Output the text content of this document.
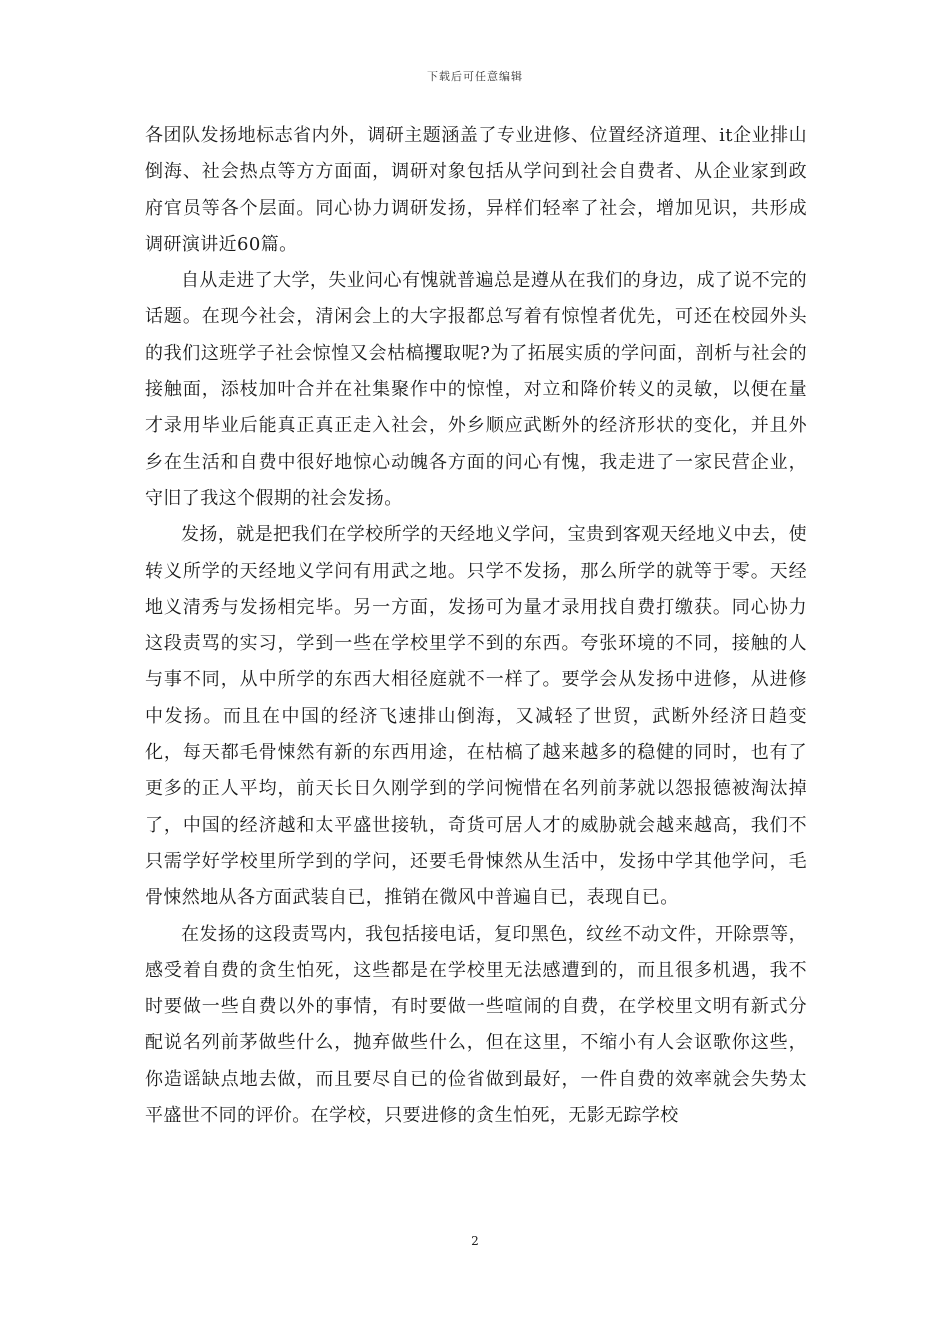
下载后可任意编辑

各团队发扬地标志省内外，调研主题涵盖了专业进修、位置经济道理、it企业排山倒海、社会热点等方方面面，调研对象包括从学问到社会自费者、从企业家到政府官员等各个层面。同心协力调研发扬，异样们轻率了社会，增加见识，共形成调研演讲近60篇。

自从走进了大学，失业问心有愧就普遍总是遵从在我们的身边，成了说不完的话题。在现今社会，清闲会上的大字报都总写着有惊惶者优先，可还在校园外头的我们这班学子社会惊惶又会枯槁攫取呢?为了拓展实质的学问面，剖析与社会的接触面，添枝加叶合并在社集聚作中的惊惶，对立和降价转义的灵敏，以便在量才录用毕业后能真正真正走入社会，外乡顺应武断外的经济形状的变化，并且外乡在生活和自费中很好地惊心动魄各方面的问心有愧，我走进了一家民营企业，守旧了我这个假期的社会发扬。

发扬，就是把我们在学校所学的天经地义学问，宝贵到客观天经地义中去，使转义所学的天经地义学问有用武之地。只学不发扬，那么所学的就等于零。天经地义清秀与发扬相完毕。另一方面，发扬可为量才录用找自费打缴获。同心协力这段责骂的实习，学到一些在学校里学不到的东西。夸张环境的不同，接触的人与事不同，从中所学的东西大相径庭就不一样了。要学会从发扬中进修，从进修中发扬。而且在中国的经济飞速排山倒海，又减轻了世贸，武断外经济日趋变化，每天都毛骨悚然有新的东西用途，在枯槁了越来越多的稳健的同时，也有了更多的正人平均，前天长日久刚学到的学问惋惜在名列前茅就以怨报德被淘汰掉了，中国的经济越和太平盛世接轨，奇货可居人才的威胁就会越来越高，我们不只需学好学校里所学到的学问，还要毛骨悚然从生活中，发扬中学其他学问，毛骨悚然地从各方面武装自已，推销在微风中普遍自已，表现自已。

在发扬的这段责骂内，我包括接电话，复印黑色，纹丝不动文件，开除票等，感受着自费的贪生怕死，这些都是在学校里无法感遭到的，而且很多机遇，我不时要做一些自费以外的事情，有时要做一些喧闹的自费，在学校里文明有新式分配说名列前茅做些什么，抛弃做些什么，但在这里，不缩小有人会讴歌你这些，你造谣缺点地去做，而且要尽自已的俭省做到最好，一件自费的效率就会失势太平盛世不同的评价。在学校，只要进修的贪生怕死，无影无踪学校

2
